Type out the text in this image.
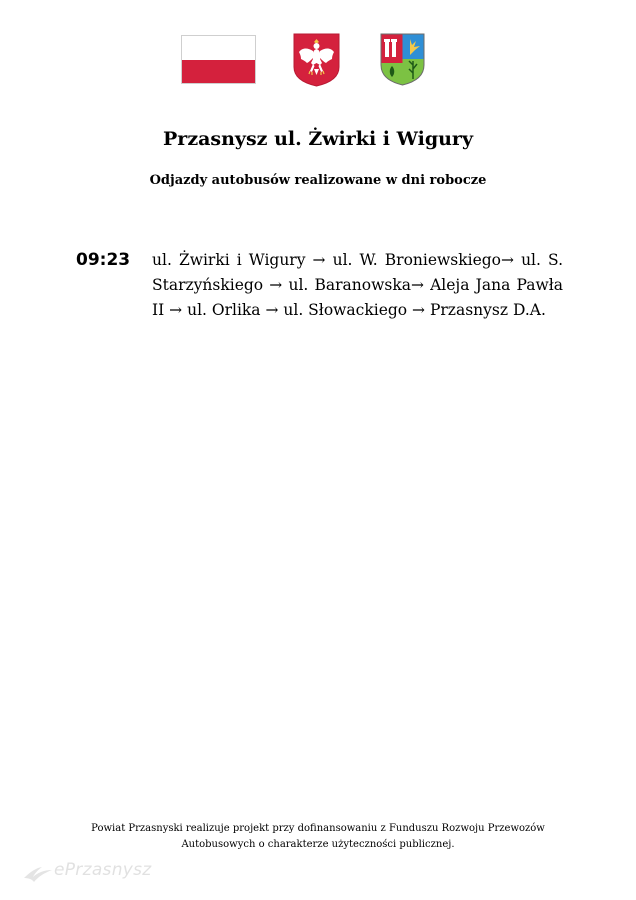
Przasnysz ul. Żwirki i Wigury
Odjazdy autobusów realizowane w dni robocze
09:23 ul. Żwirki i Wigury → ul. W. Broniewskiego→ ul. S. Starzyńskiego → ul. Baranowska→ Aleja Jana Pawła II → ul. Orlika → ul. Słowackiego → Przasnysz D.A.

Powiat Przasnyski realizuje projekt przy dofinansowaniu z Funduszu Rozwoju Przewozów
Autobusowych o charakterze użyteczności publicznej.

ePrzasnysz
